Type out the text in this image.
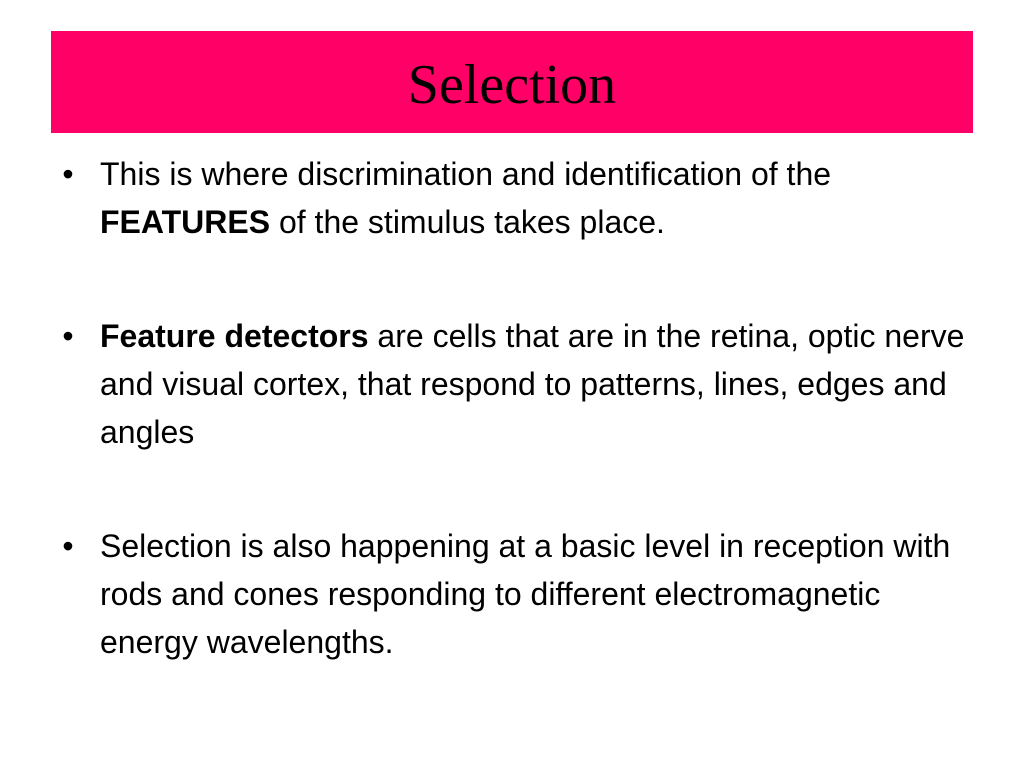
Selection
• This is where discrimination and identification of the FEATURES of the stimulus takes place.
• Feature detectors are cells that are in the retina, optic nerve and visual cortex, that respond to patterns, lines, edges and angles
• Selection is also happening at a basic level in reception with rods and cones responding to different electromagnetic energy wavelengths.
